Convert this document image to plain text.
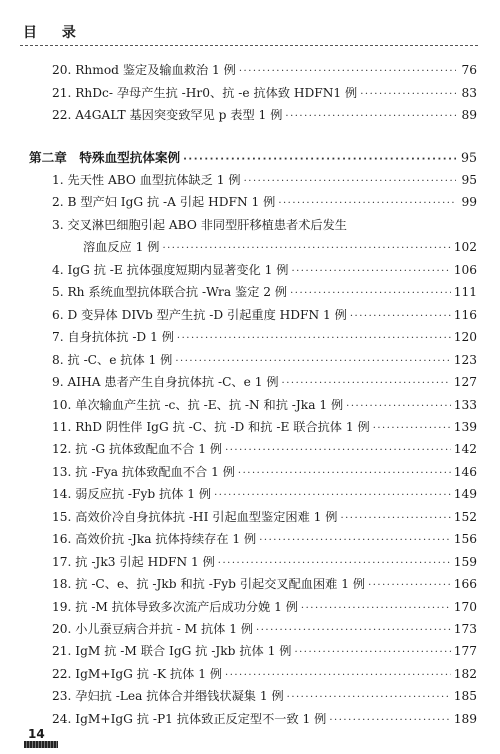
目 录
20. Rhmod 鉴定及输血救治 1 例 ·····	76
21. RhDc- 孕母产生抗 -Hr0、抗 -e 抗体致 HDFN1 例 ·····	83
22. A4GALT 基因突变致罕见 p 表型 1 例 ·····	89
第二章　特殊血型抗体案例 ·····	95
1. 先天性 ABO 血型抗体缺乏 1 例 ·····	95
2. B 型产妇 IgG 抗 -A 引起 HDFN 1 例 ·····	99
3. 交叉淋巴细胞引起 ABO 非同型肝移植患者术后发生
溶血反应 1 例 ·····	102
4. IgG 抗 -E 抗体强度短期内显著变化 1 例 ·····	106
5. Rh 系统血型抗体联合抗 -Wra 鉴定 2 例 ·····	111
6. D 变异体 DIVb 型产生抗 -D 引起重度 HDFN 1 例 ·····	116
7. 自身抗体抗 -D 1 例 ·····	120
8. 抗 -C、e 抗体 1 例 ·····	123
9. AIHA 患者产生自身抗体抗 -C、e 1 例 ·····	127
10. 单次输血产生抗 -c、抗 -E、抗 -N 和抗 -Jka 1 例 ·····	133
11. RhD 阴性伴 IgG 抗 -C、抗 -D 和抗 -E 联合抗体 1 例 ·····	139
12. 抗 -G 抗体致配血不合 1 例 ·····	142
13. 抗 -Fya 抗体致配血不合 1 例 ·····	146
14. 弱反应抗 -Fyb 抗体 1 例 ·····	149
15. 高效价冷自身抗体抗 -HI 引起血型鉴定困难 1 例 ·····	152
16. 高效价抗 -Jka 抗体持续存在 1 例 ·····	156
17. 抗 -Jk3 引起 HDFN 1 例 ·····	159
18. 抗 -C、e、抗 -Jkb 和抗 -Fyb 引起交叉配血困难 1 例 ·····	166
19. 抗 -M 抗体导致多次流产后成功分娩 1 例 ·····	170
20. 小儿蚕豆病合并抗 - M 抗体 1 例 ·····	173
21. IgM 抗 -M 联合 IgG 抗 -Jkb 抗体 1 例 ·····	177
22. IgM+IgG 抗 -K 抗体 1 例 ·····	182
23. 孕妇抗 -Lea 抗体合并缗钱状凝集 1 例 ·····	185
24. IgM+IgG 抗 -P1 抗体致正反定型不一致 1 例 ·····	189
14
